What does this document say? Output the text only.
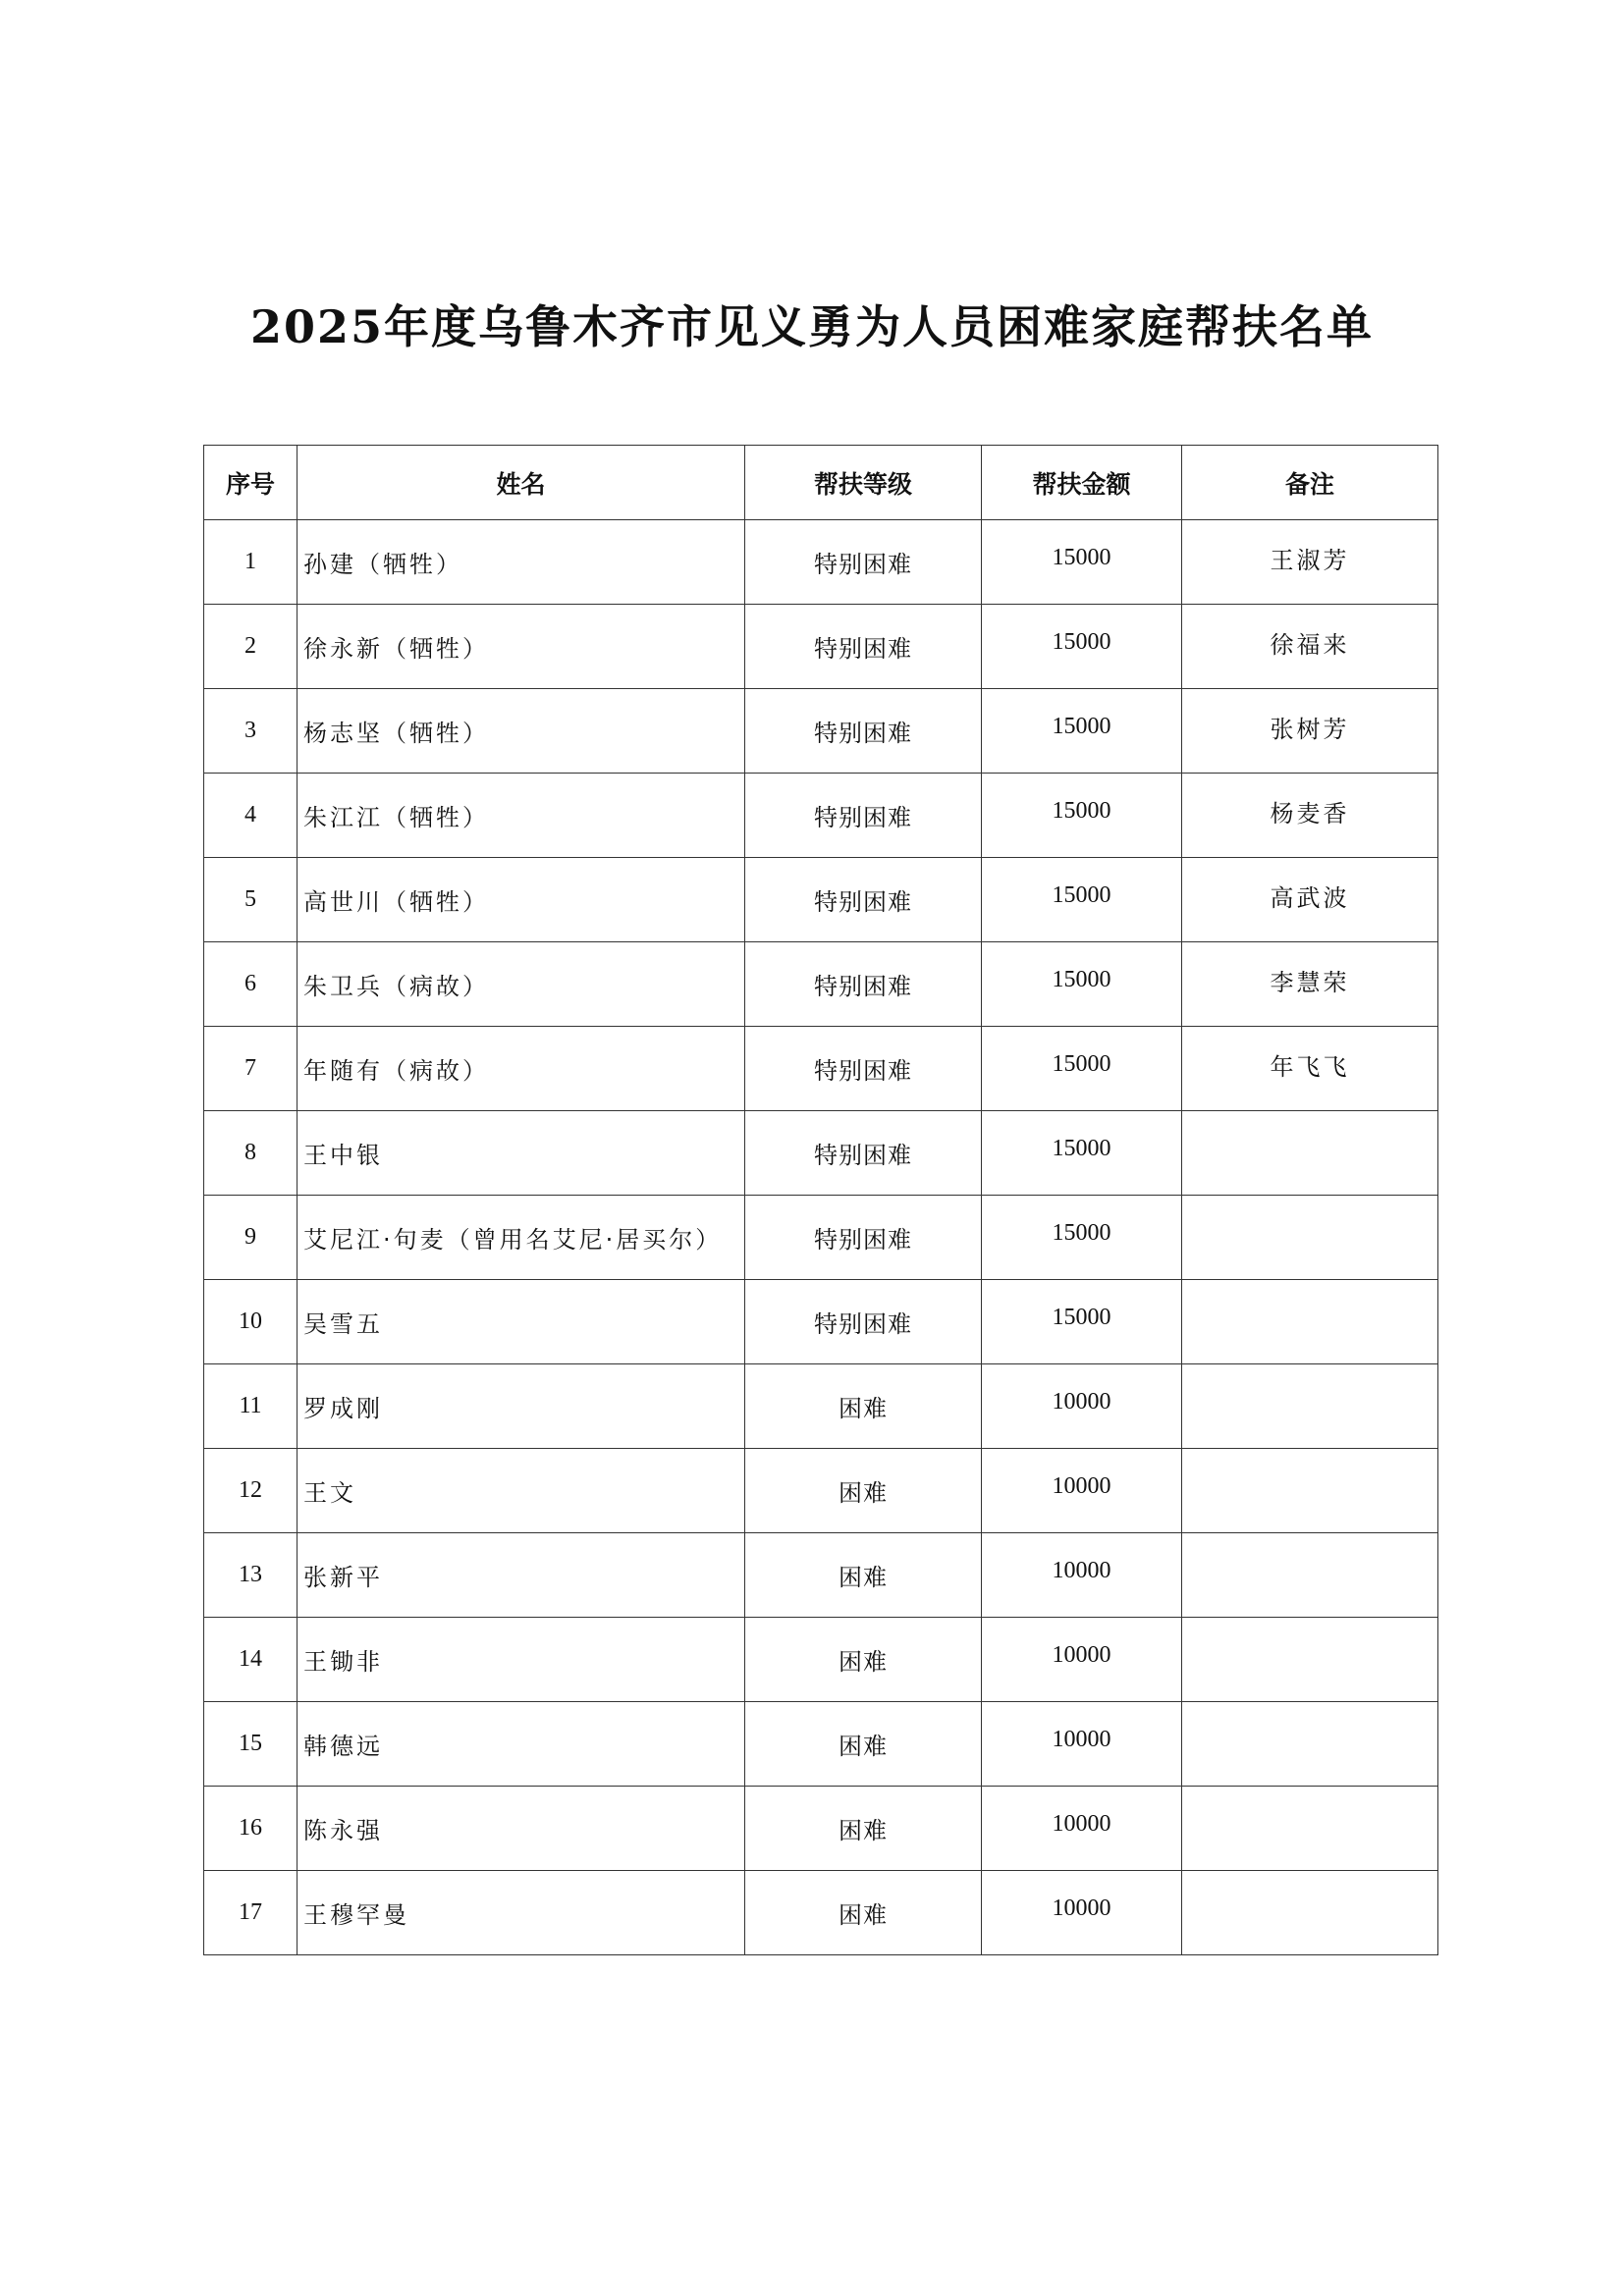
2025年度乌鲁木齐市见义勇为人员困难家庭帮扶名单
序号	姓名	帮扶等级	帮扶金额	备注
1	孙建（牺牲）	特别困难	15000	王淑芳
2	徐永新（牺牲）	特别困难	15000	徐福来
3	杨志坚（牺牲）	特别困难	15000	张树芳
4	朱江江（牺牲）	特别困难	15000	杨麦香
5	高世川（牺牲）	特别困难	15000	高武波
6	朱卫兵（病故）	特别困难	15000	李慧荣
7	年随有（病故）	特别困难	15000	年飞飞
8	王中银	特别困难	15000	
9	艾尼江·句麦（曾用名艾尼·居买尔）	特别困难	15000	
10	吴雪五	特别困难	15000	
11	罗成刚	困难	10000	
12	王文	困难	10000	
13	张新平	困难	10000	
14	王锄非	困难	10000	
15	韩德远	困难	10000	
16	陈永强	困难	10000	
17	王穆罕曼	困难	10000	
